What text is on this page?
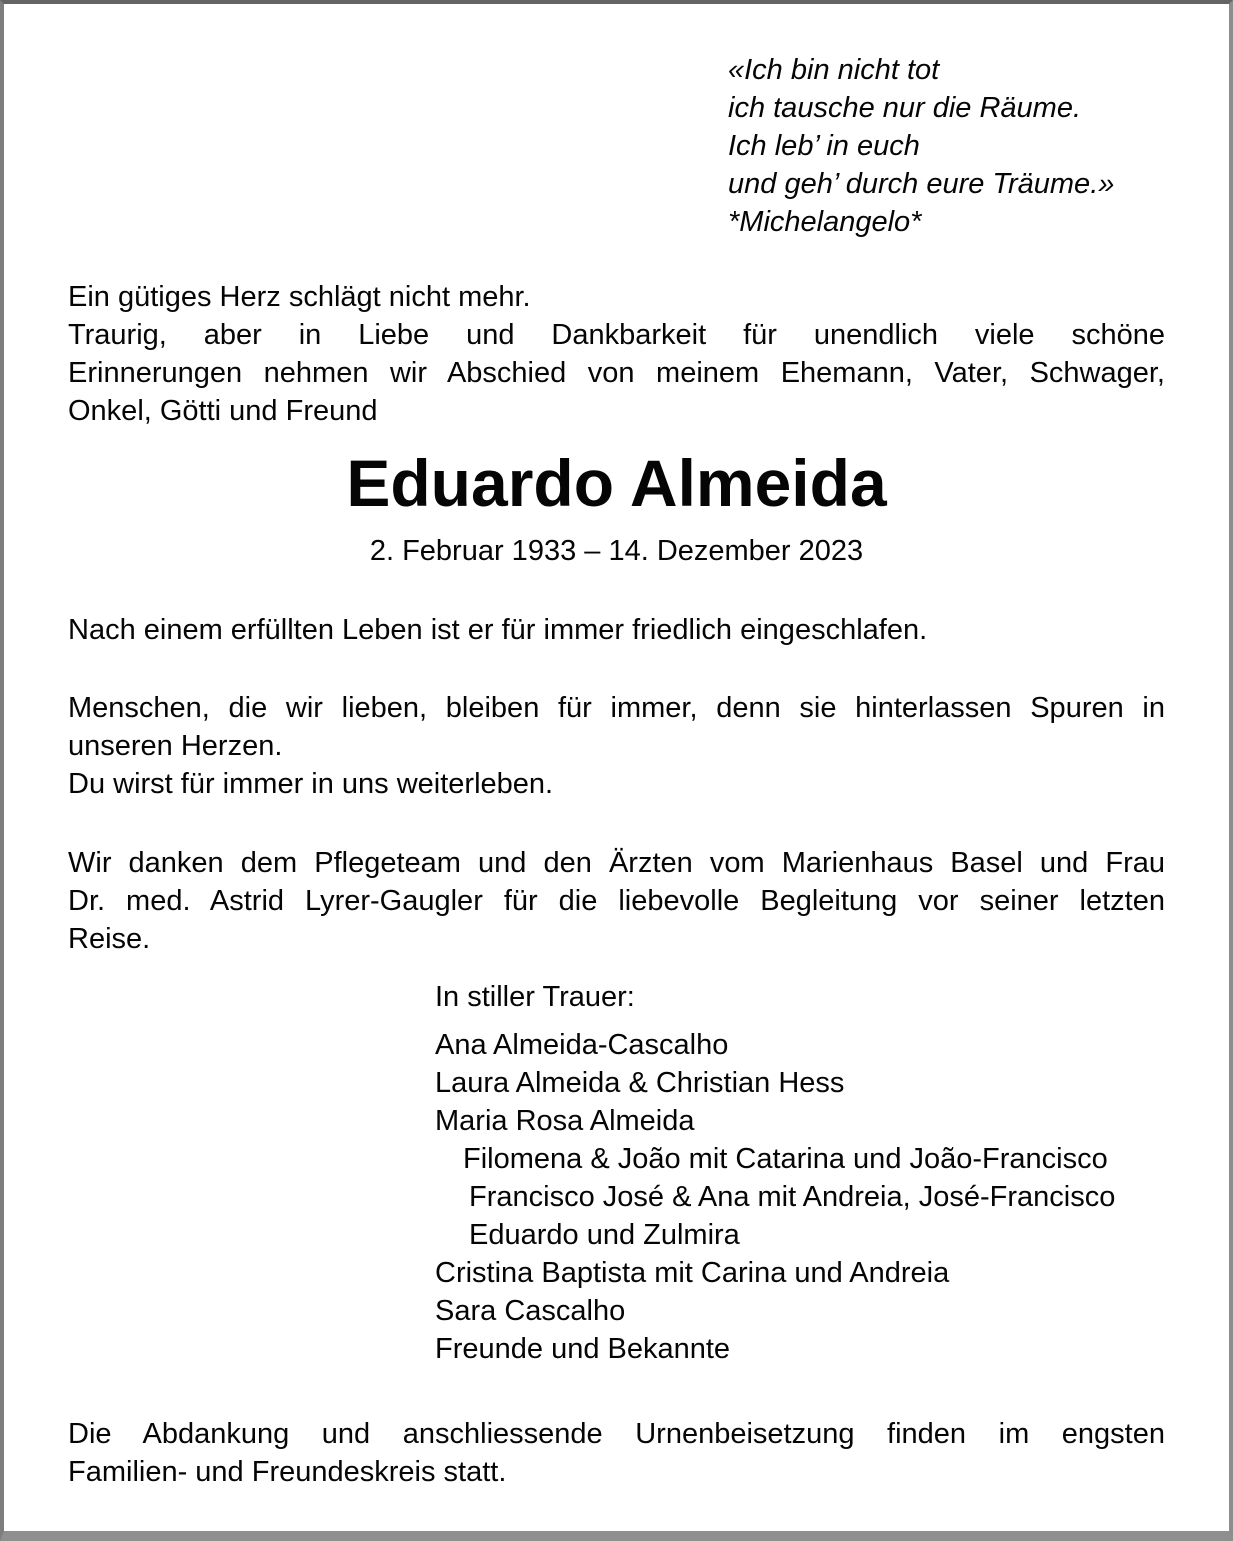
«Ich bin nicht tot
ich tausche nur die Räume.
Ich leb’ in euch
und geh’ durch eure Träume.»
*Michelangelo*
Ein gütiges Herz schlägt nicht mehr.
Traurig, aber in Liebe und Dankbarkeit für unendlich viele schöne
Erinnerungen nehmen wir Abschied von meinem Ehemann, Vater, Schwager,
Onkel, Götti und Freund
Eduardo Almeida
2. Februar 1933 – 14. Dezember 2023
Nach einem erfüllten Leben ist er für immer friedlich eingeschlafen.
Menschen, die wir lieben, bleiben für immer, denn sie hinterlassen Spuren in
unseren Herzen.
Du wirst für immer in uns weiterleben.
Wir danken dem Pflegeteam und den Ärzten vom Marienhaus Basel und Frau
Dr. med. Astrid Lyrer-Gaugler für die liebevolle Begleitung vor seiner letzten
Reise.
In stiller Trauer:
Ana Almeida-Cascalho
Laura Almeida & Christian Hess
Maria Rosa Almeida
Filomena & João mit Catarina und João-Francisco
Francisco José & Ana mit Andreia, José-Francisco
Eduardo und Zulmira
Cristina Baptista mit Carina und Andreia
Sara Cascalho
Freunde und Bekannte
Die Abdankung und anschliessende Urnenbeisetzung finden im engsten
Familien- und Freundeskreis statt.
